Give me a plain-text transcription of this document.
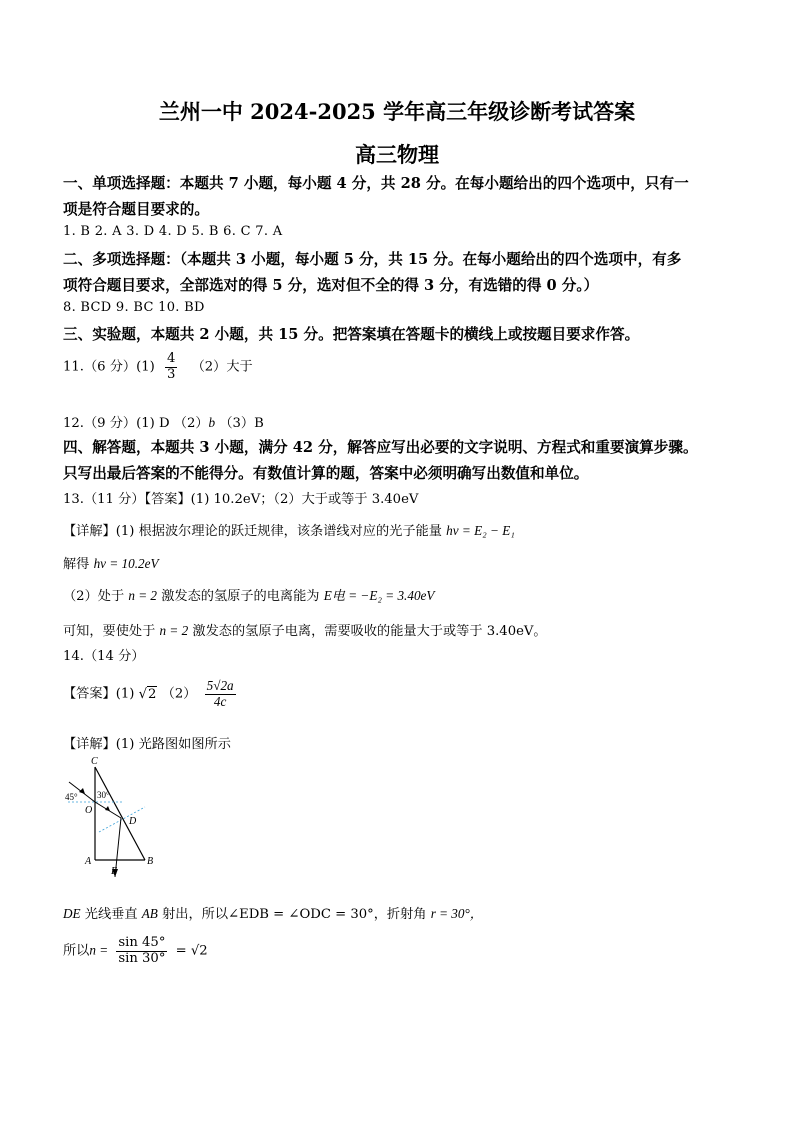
兰州一中 2024-2025 学年高三年级诊断考试答案
高三物理
一、单项选择题：本题共 7 小题，每小题 4 分，共 28 分。在每小题给出的四个选项中，只有一
项是符合题目要求的。
1. B 2. A 3. D 4. D 5. B 6. C 7. A
二、多项选择题：（本题共 3 小题，每小题 5 分，共 15 分。在每小题给出的四个选项中，有多
项符合题目要求，全部选对的得 5 分，选对但不全的得 3 分，有选错的得 0 分。）
8. BCD 9. BC 10. BD
三、实验题，本题共 2 小题，共 15 分。把答案填在答题卡的横线上或按题目要求作答。
11.（6 分）$(1) \frac{4}{3} (2)$大于
12.（9 分）(1) D （2）b （3）B
四、解答题，本题共 3 小题，满分 42 分，解答应写出必要的文字说明、方程式和重要演算步骤。
只写出最后答案的不能得分。有数值计算的题，答案中必须明确写出数值和单位。
13.（11 分）【答案】(1) 10.2eV；（2）大于或等于 3.40eV
【详解】(1) 根据波尔理论的跃迁规律，该条谱线对应的光子能量 hν = E₂ − E₁
解得 hν = 10.2eV
（2）处于 n = 2 激发态的氢原子的电离能为 E电 = −E₂ = 3.40eV
可知，要使处于 n = 2 激发态的氢原子电离，需要吸收的能量大于或等于 3.40eV。
14.（14 分）
【答案】(1) √2 $(2) \frac{5√2a}{4c}$
【详解】(1) 光路图如图所示
C
A	B
O
D
E
45° 30°
DE 光线垂直 AB 射出，所以∠EDB = ∠ODC = 30°，折射角 r = 30°，
所以$n = \frac{\sin 45^\circ}{\sin 30^\circ} = √2$
